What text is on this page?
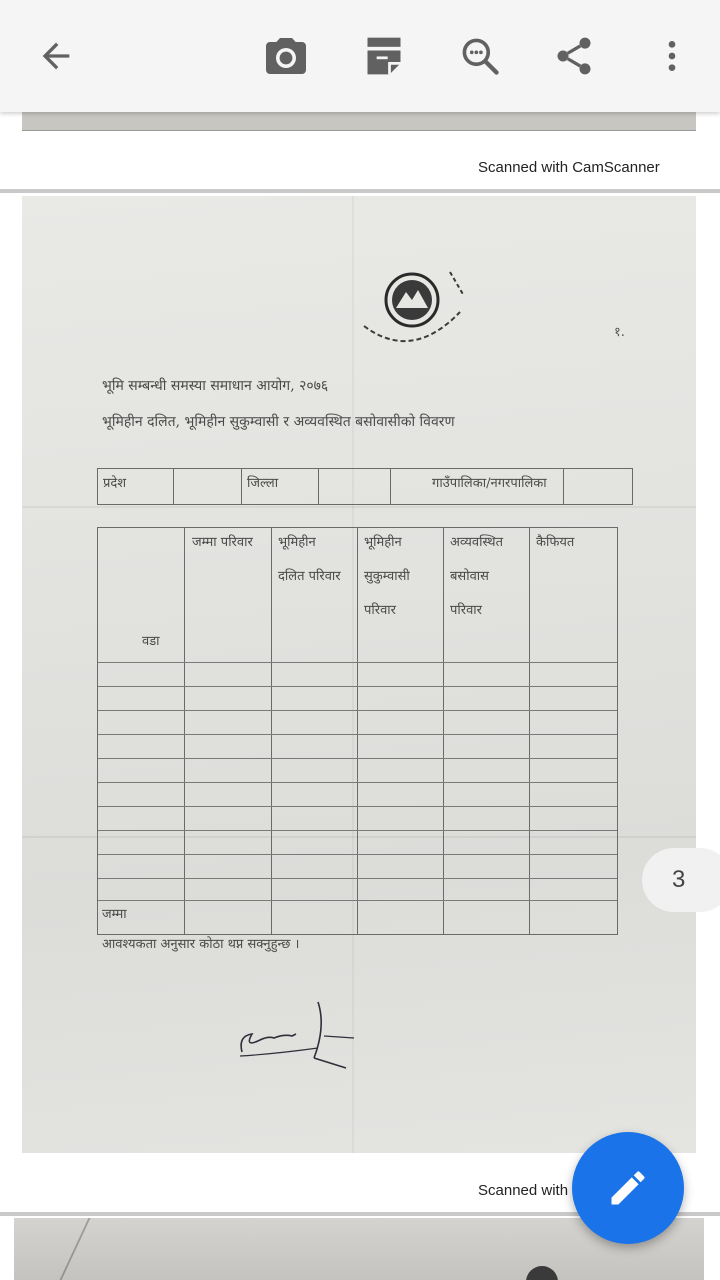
Scanned with CamScanner
१.
भूमि सम्बन्धी समस्या समाधान आयोग, २०७६
भूमिहीन दलित, भूमिहीन सुकुम्वासी र अव्यवस्थित बसोवासीको विवरण
प्रदेश	जिल्ला	गाउँपालिका/नगरपालिका
जम्मा परिवार भूमिहीन
दलित परिवार
भूमिहीन
सुकुम्वासी
परिवार
अव्यवस्थित
बसोवास
परिवार
कैफियत
वडा
जम्मा
आवश्यकता अनुसार कोठा थप्न सक्नुहुन्छ ।
Scanned with
3
